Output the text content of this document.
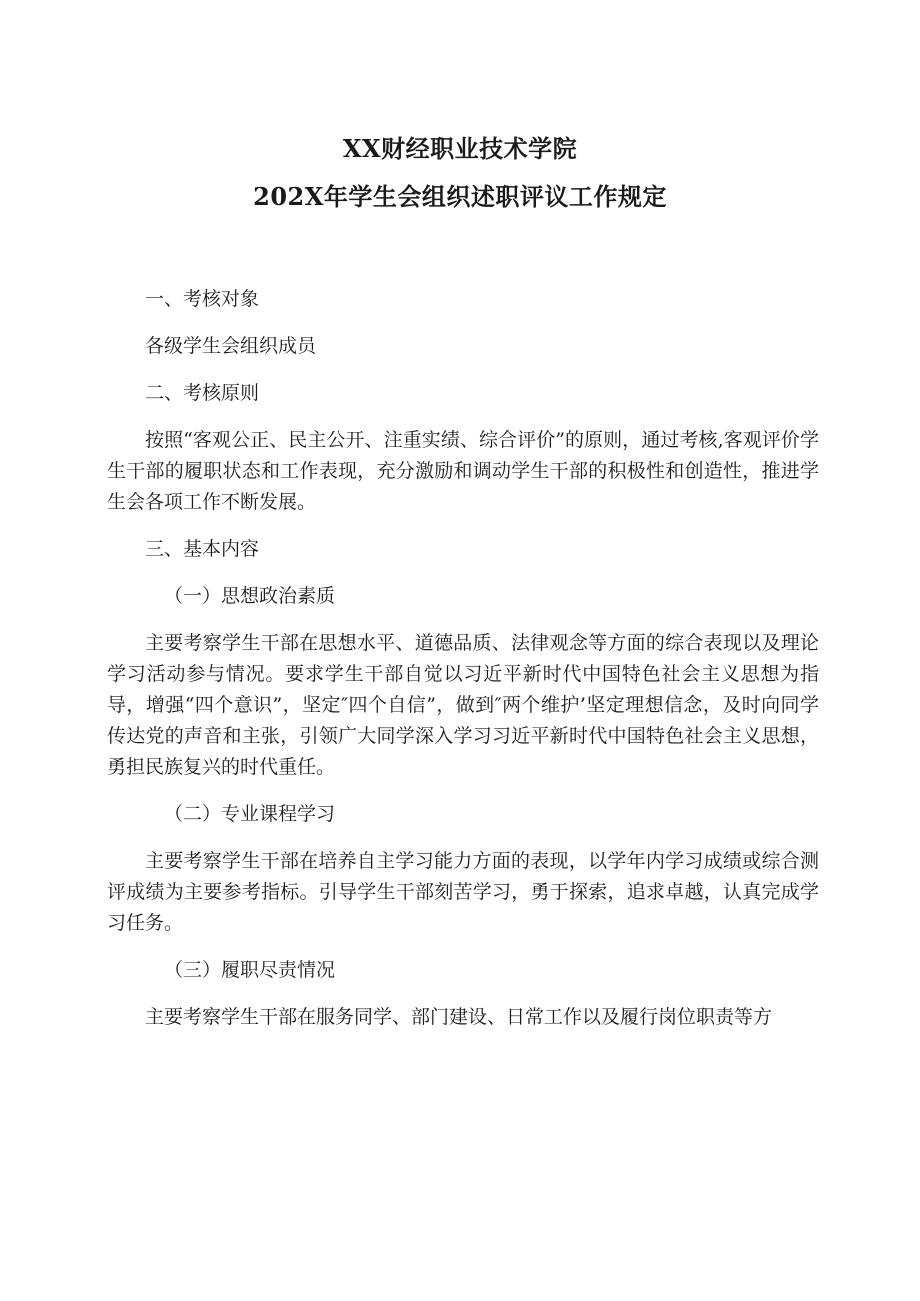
XX财经职业技术学院
202X年学生会组织述职评议工作规定

一、考核对象

各级学生会组织成员

二、考核原则

按照“客观公正、民主公开、注重实绩、综合评价”的原则，通过考核,客观评价学生干部的履职状态和工作表现，充分激励和调动学生干部的积极性和创造性，推进学生会各项工作不断发展。

三、基本内容

（一）思想政治素质

主要考察学生干部在思想水平、道德品质、法律观念等方面的综合表现以及理论学习活动参与情况。要求学生干部自觉以习近平新时代中国特色社会主义思想为指导，增强“四个意识”，坚定″四个自信”，做到″两个维护’坚定理想信念，及时向同学传达党的声音和主张，引领广大同学深入学习习近平新时代中国特色社会主义思想，勇担民族复兴的时代重任。

（二）专业课程学习

主要考察学生干部在培养自主学习能力方面的表现，以学年内学习成绩或综合测评成绩为主要参考指标。引导学生干部刻苦学习，勇于探索，追求卓越，认真完成学习任务。

（三）履职尽责情况

主要考察学生干部在服务同学、部门建设、日常工作以及履行岗位职责等方
